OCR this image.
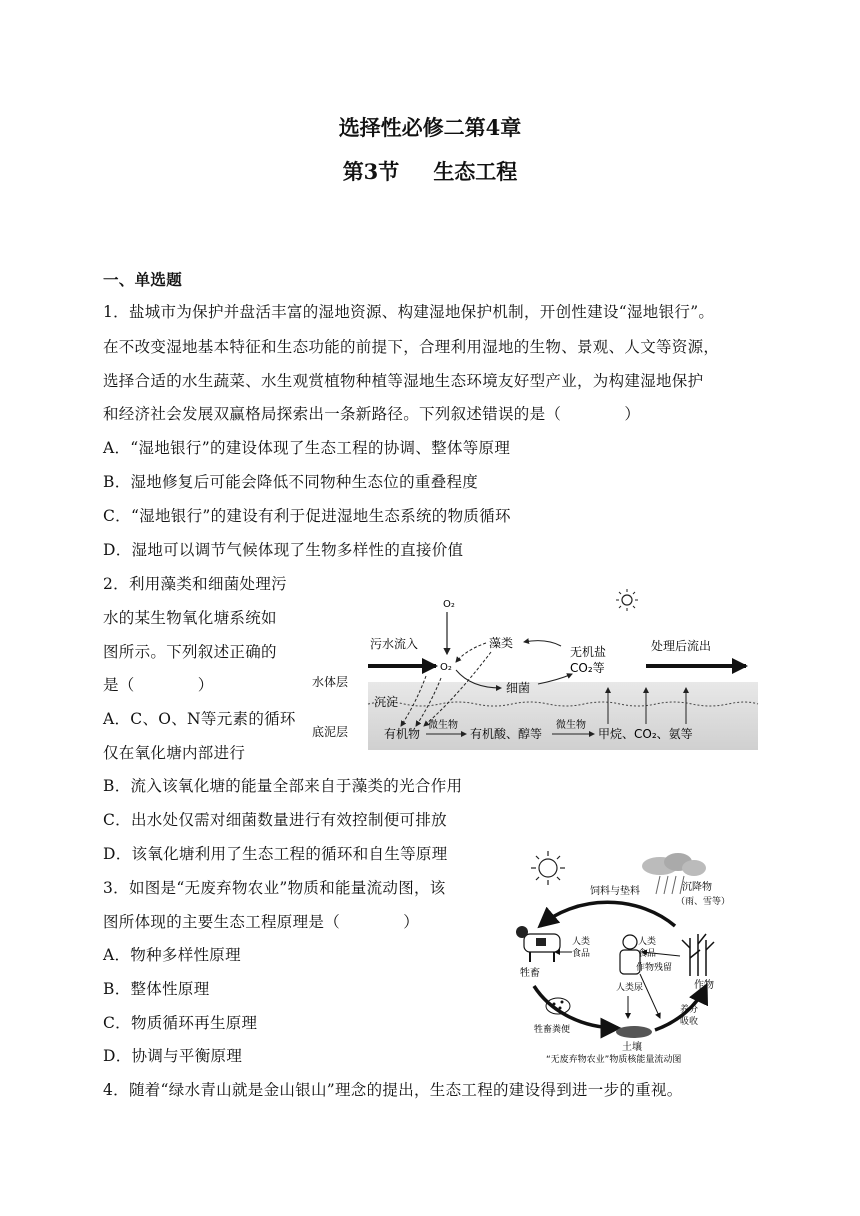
选择性必修二第4章
第3节 生态工程
一、单选题
1．盐城市为保护并盘活丰富的湿地资源、构建湿地保护机制，开创性建设“湿地银行”。
在不改变湿地基本特征和生态功能的前提下，合理利用湿地的生物、景观、人文等资源，
选择合适的水生蔬菜、水生观赏植物种植等湿地生态环境友好型产业，为构建湿地保护
和经济社会发展双赢格局探索出一条新路径。下列叙述错误的是（　　　　）
A．“湿地银行”的建设体现了生态工程的协调、整体等原理
B．湿地修复后可能会降低不同物种生态位的重叠程度
C．“湿地银行”的建设有利于促进湿地生态系统的物质循环
D．湿地可以调节气候体现了生物多样性的直接价值
2．利用藻类和细菌处理污
水的某生物氧化塘系统如
图所示。下列叙述正确的
是（　　　　）
A．C、O、N等元素的循环
仅在氧化塘内部进行
B．流入该氧化塘的能量全部来自于藻类的光合作用
C．出水处仅需对细菌数量进行有效控制便可排放
D．该氧化塘利用了生态工程的循环和自生等原理
O₂
污水流入
O₂
藻类
无机盐
CO₂等
细菌
处理后流出
水体层
底泥层
沉淀
有机物
微生物
有机酸、醇等
微生物
甲烷、CO₂、氨等
3．如图是“无废弃物农业”物质和能量流动图，该
图所体现的主要生态工程原理是（　　　　）
A．物种多样性原理
B．整体性原理
C．物质循环再生原理
D．协调与平衡原理
沉降物
（雨、雪等）
饲料与垫料
牲畜
人类
食品
人类
食品
作物残留
作物
人类尿
牲畜粪便
土壤
养分
吸收
“无废弃物农业”物质核能量流动图
4．随着“绿水青山就是金山银山”理念的提出，生态工程的建设得到进一步的重视。
